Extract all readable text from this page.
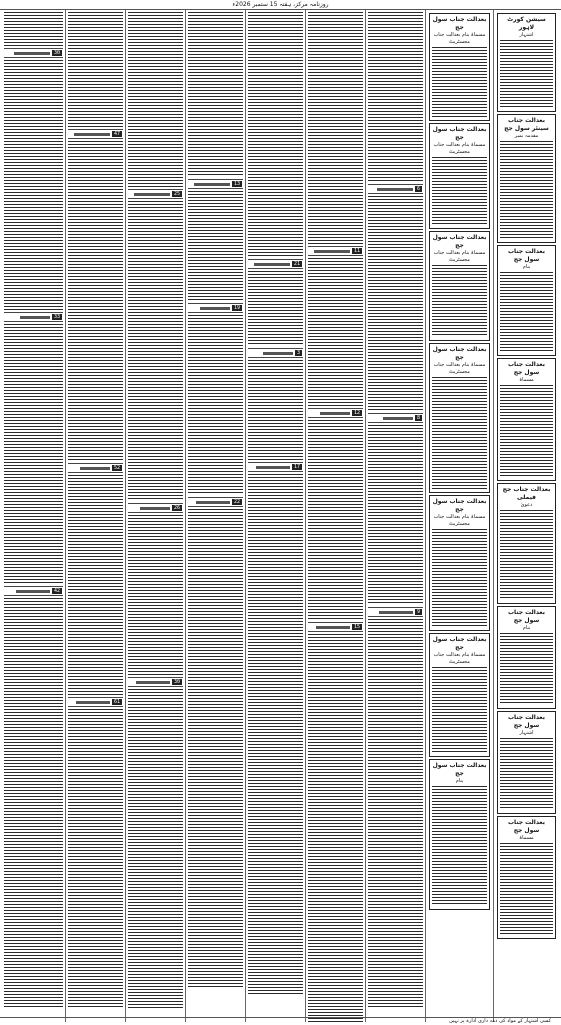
روزنامہ مرکز، ہفتہ 15 ستمبر 2026ء
سیشن کورٹ لاہور
اشتہار
بعدالت جناب سینئر سول جج
مقدمہ نمبر
بعدالت جناب سول جج
بنام
بعدالت جناب سول جج
مسماۃ
بعدالت جناب جج فیملی
دعویٰ
بعدالت جناب سول جج
بنام
بعدالت جناب سول جج
اشتہار
بعدالت جناب سول جج
مسماۃ
بعدالت جناب سول جج
مسماۃ بنام بعدالت جناب مجسٹریٹ
بعدالت جناب سول جج
مسماۃ بنام بعدالت جناب مجسٹریٹ
بعدالت جناب سول جج
مسماۃ بنام بعدالت جناب مجسٹریٹ
بعدالت جناب سول جج
مسماۃ بنام بعدالت جناب مجسٹریٹ
بعدالت جناب سول جج
مسماۃ بنام بعدالت جناب مجسٹریٹ
بعدالت جناب سول جج
مسماۃ بنام بعدالت جناب مجسٹریٹ
بعدالت جناب سول جج
بنام
6
8
9
11
12
15
21
3
17
13
19
22
25
26
30
47
52
61
30
33
42
کسی اشتہار کے مواد کی ذمہ داری ادارہ پر نہیں
